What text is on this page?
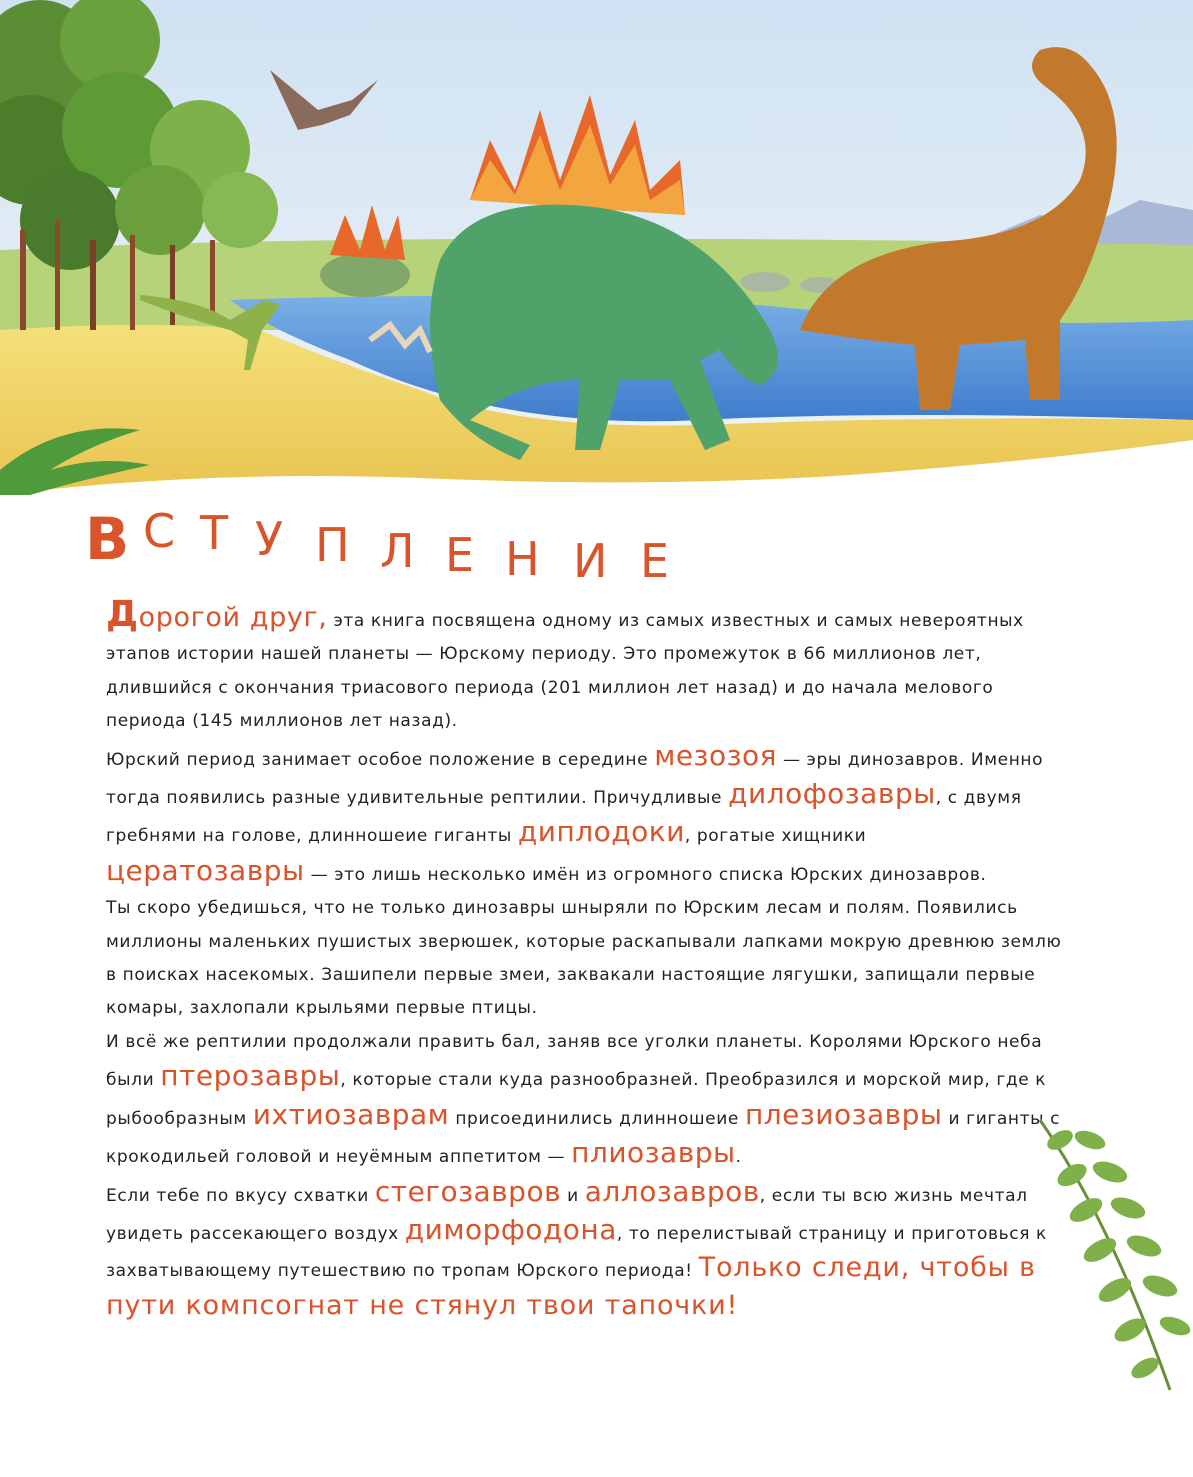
В С Т У П Л Е Н И Е

Дорогой друг, эта книга посвящена одному из самых известных и самых невероятных этапов истории нашей планеты — Юрскому периоду. Это промежуток в 66 миллионов лет, длившийся с окончания триасового периода (201 миллион лет назад) и до начала мелового периода (145 миллионов лет назад).

Юрский период занимает особое положение в середине мезозоя — эры динозавров. Именно тогда появились разные удивительные рептилии. Причудливые дилофозавры, с двумя гребнями на голове, длинношеие гиганты диплодоки, рогатые хищники цератозавры — это лишь несколько имён из огромного списка Юрских динозавров.

Ты скоро убедишься, что не только динозавры шныряли по Юрским лесам и полям. Появились миллионы маленьких пушистых зверюшек, которые раскапывали лапками мокрую древнюю землю в поисках насекомых. Зашипели первые змеи, заквакали настоящие лягушки, запищали первые комары, захлопали крыльями первые птицы.

И всё же рептилии продолжали править бал, заняв все уголки планеты. Королями Юрского неба были птерозавры, которые стали куда разнообразней. Преобразился и морской мир, где к рыбообразным ихтиозаврам присоединились длинношеие плезиозавры и гиганты с крокодильей головой и неуёмным аппетитом — плиозавры.

Если тебе по вкусу схватки стегозавров и аллозавров, если ты всю жизнь мечтал увидеть рассекающего воздух диморфодона, то перелистывай страницу и приготовься к захватывающему путешествию по тропам Юрского периода! Только следи, чтобы в пути компсогнат не стянул твои тапочки!
